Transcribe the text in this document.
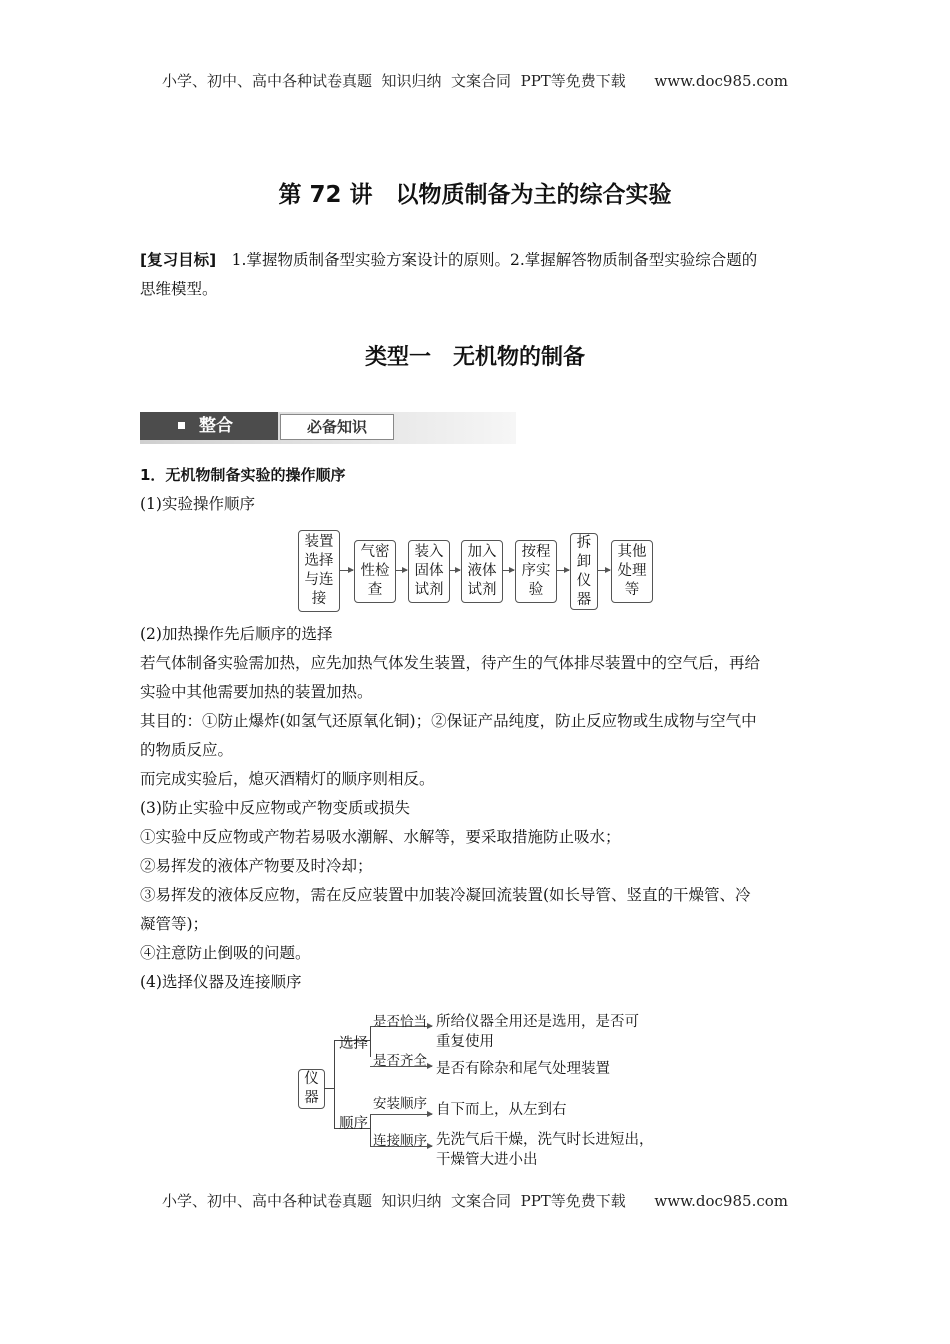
小学、初中、高中各种试卷真题  知识归纳  文案合同  PPT等免费下载      www.doc985.com
第 72 讲　以物质制备为主的综合实验
[复习目标]　1.掌握物质制备型实验方案设计的原则。2.掌握解答物质制备型实验综合题的
思维模型。
类型一　无机物的制备
整合	必备知识
1．无机物制备实验的操作顺序
(1)实验操作顺序
装置
选择
与连
接
气密
性检
查
装入
固体
试剂
加入
液体
试剂
按程
序实
验
拆
卸
仪
器
其他
处理
等
(2)加热操作先后顺序的选择
若气体制备实验需加热，应先加热气体发生装置，待产生的气体排尽装置中的空气后，再给
实验中其他需要加热的装置加热。
其目的：①防止爆炸(如氢气还原氧化铜)；②保证产品纯度，防止反应物或生成物与空气中
的物质反应。
而完成实验后，熄灭酒精灯的顺序则相反。
(3)防止实验中反应物或产物变质或损失
①实验中反应物或产物若易吸水潮解、水解等，要采取措施防止吸水；
②易挥发的液体产物要及时冷却；
③易挥发的液体反应物，需在反应装置中加装冷凝回流装置(如长导管、竖直的干燥管、冷
凝管等)；
④注意防止倒吸的问题。
(4)选择仪器及连接顺序
仪
器
选择
顺序
是否恰当
是否齐全
安装顺序
连接顺序
所给仪器全用还是选用，是否可
重复使用
是否有除杂和尾气处理装置
自下而上，从左到右
先洗气后干燥，洗气时长进短出，
干燥管大进小出
小学、初中、高中各种试卷真题  知识归纳  文案合同  PPT等免费下载      www.doc985.com
